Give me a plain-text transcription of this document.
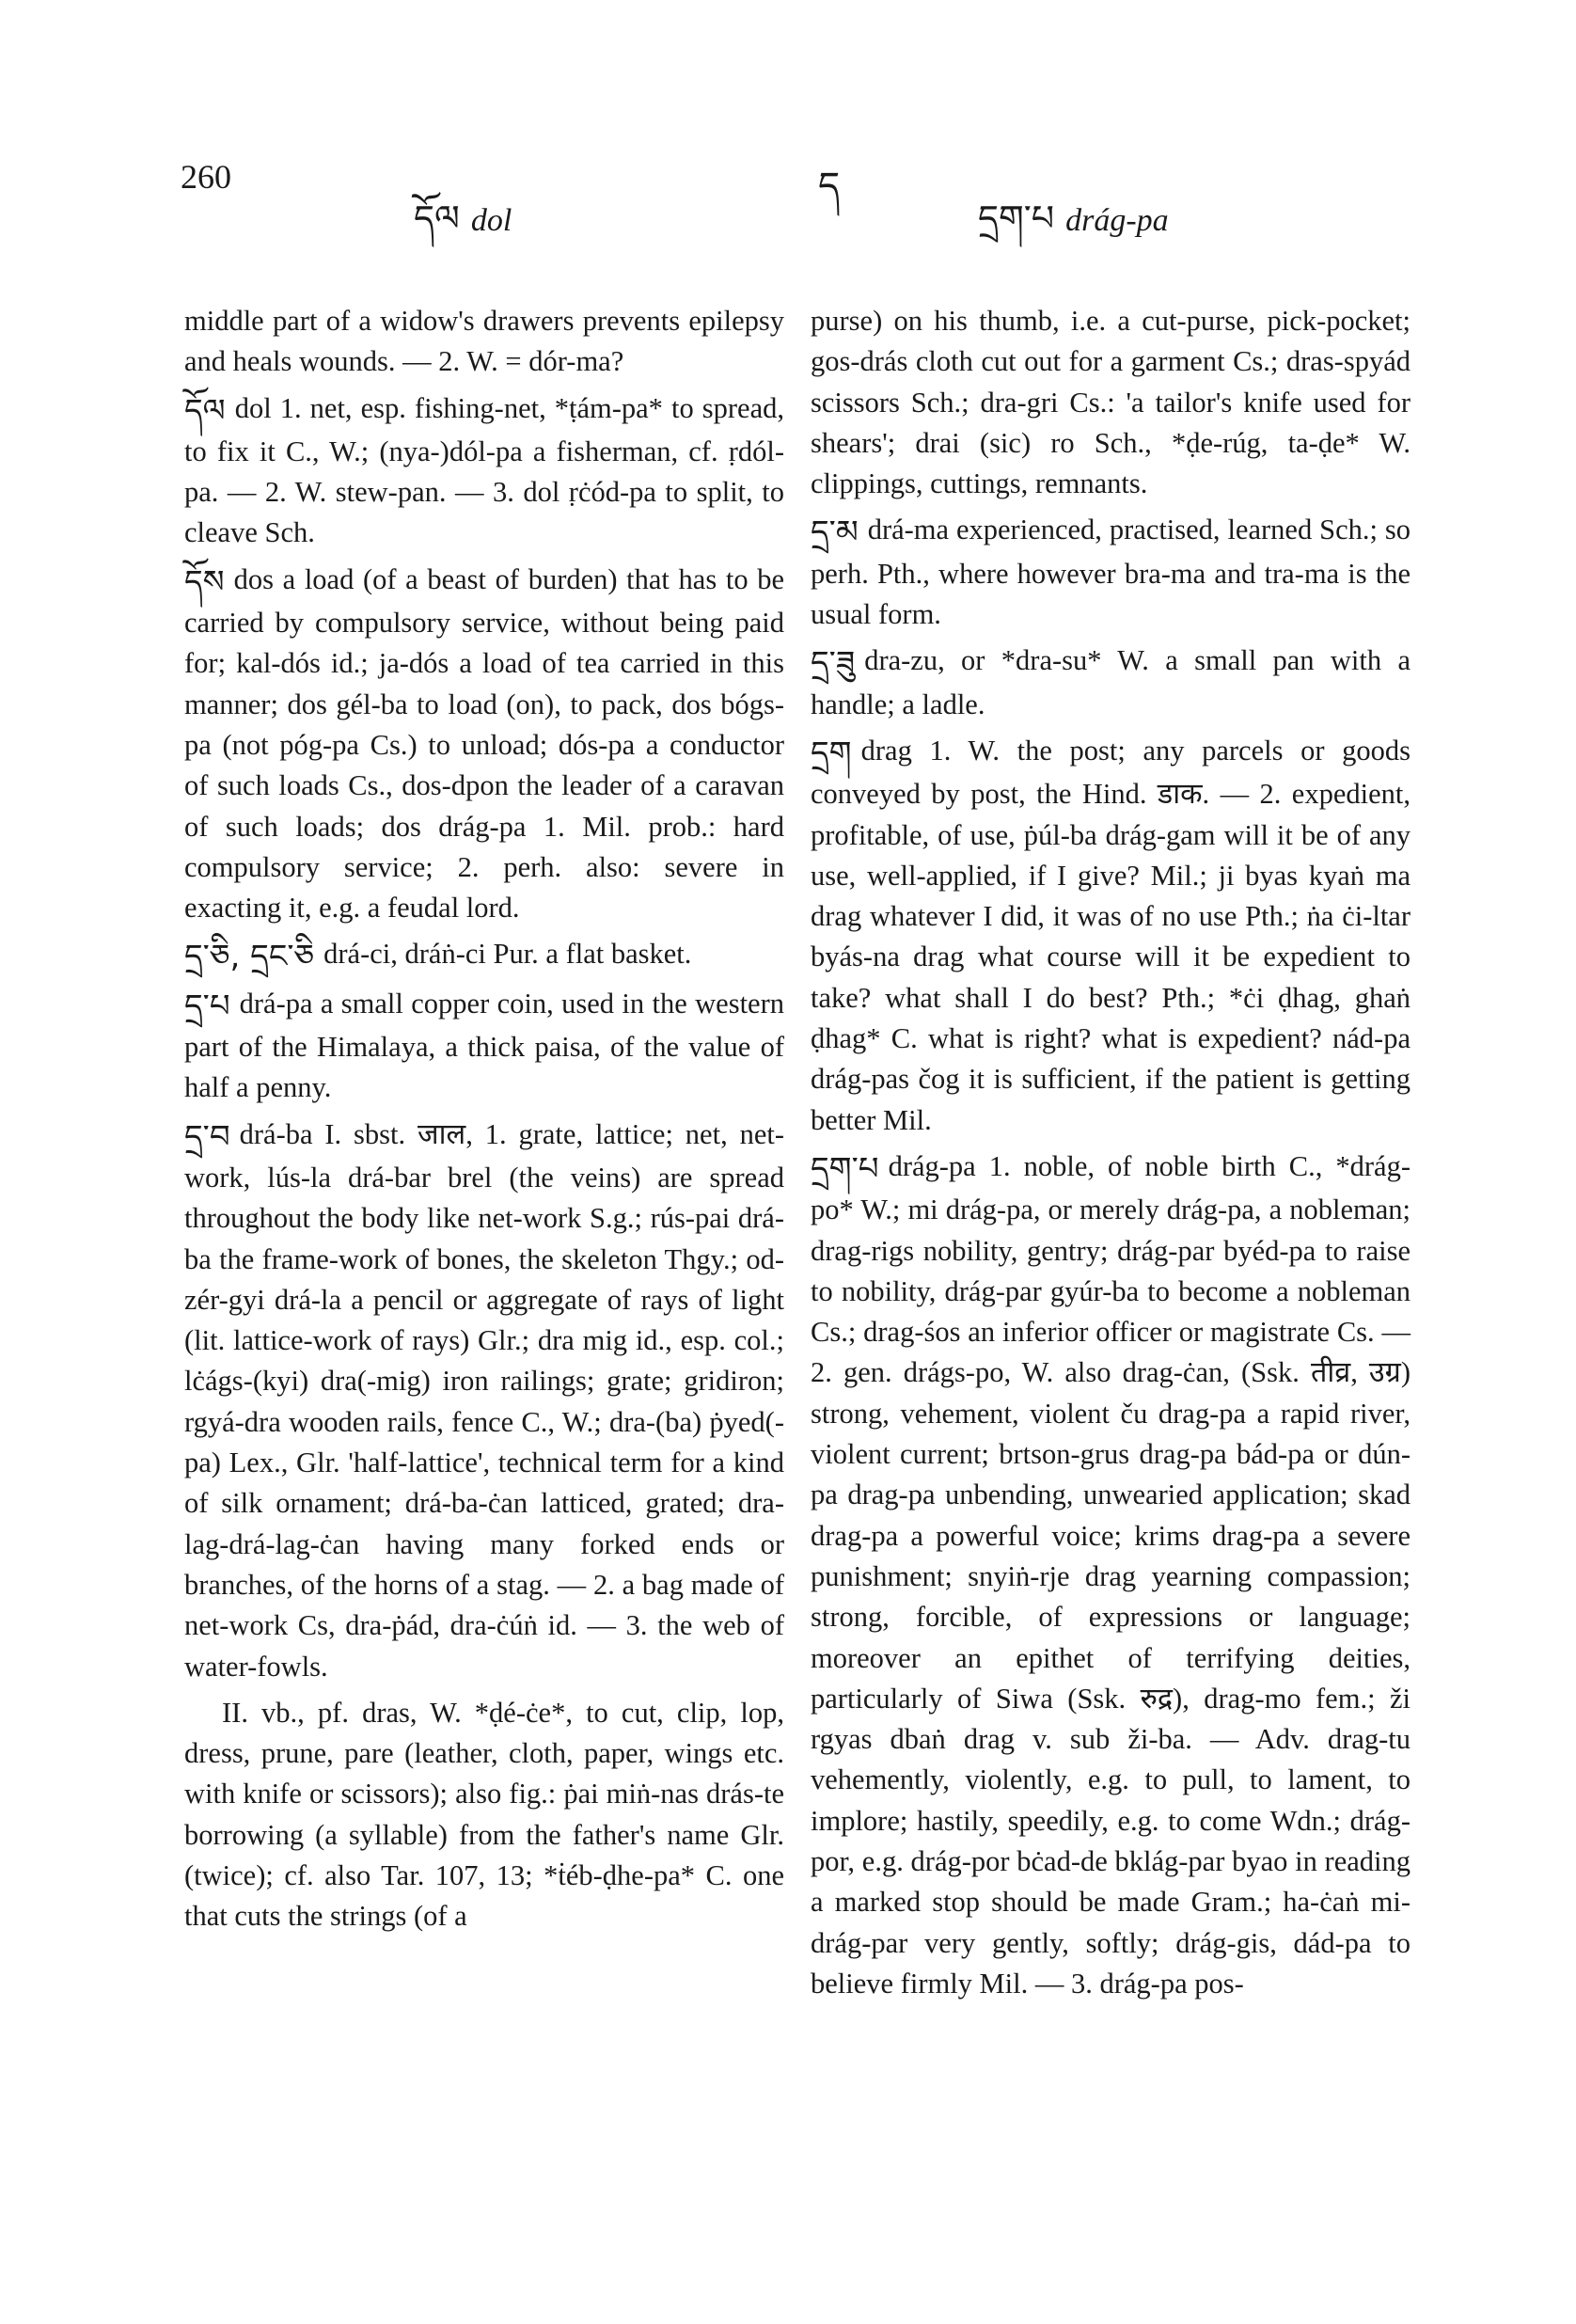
260
དོལ dol
ད
དྲག་པ drág-pa

middle part of a widow's drawers prevents epilepsy and heals wounds. — 2. W. = dór-ma?

དོལ dol 1. net, esp. fishing-net, *ṭám-pa* to spread, to fix it C., W.; (nya-)dól-pa a fisherman, cf. ṛdól-pa. — 2. W. stew-pan. — 3. dol ṛċód-pa to split, to cleave Sch.

དོས dos a load (of a beast of burden) that has to be carried by compulsory service, without being paid for; kal-dós id.; ja-dós a load of tea carried in this manner; dos gél-ba to load (on), to pack, dos bógs-pa (not póg-pa Cs.) to unload; dós-pa a conductor of such loads Cs., dos-dpon the leader of a caravan of such loads; dos drág-pa 1. Mil. prob.: hard compulsory service; 2. perh. also: severe in exacting it, e.g. a feudal lord.

དྲ་ཅི, དྲང་ཅི drá-ci, dráṅ-ci Pur. a flat basket.

དྲ་པ drá-pa a small copper coin, used in the western part of the Himalaya, a thick paisa, of the value of half a penny.

དྲ་བ drá-ba I. sbst. जाल, 1. grate, lattice; net, net-work, lús-la drá-bar brel (the veins) are spread throughout the body like net-work S.g.; rús-pai drá-ba the frame-work of bones, the skeleton Thgy.; od-zér-gyi drá-la a pencil or aggregate of rays of light (lit. lattice-work of rays) Glr.; dra mig id., esp. col.; lċágs-(kyi) dra(-mig) iron railings; grate; gridiron; rgyá-dra wooden rails, fence C., W.; dra-(ba) ṗyed(-pa) Lex., Glr. 'half-lattice', technical term for a kind of silk ornament; drá-ba-ċan latticed, grated; dra-lag-drá-lag-ċan having many forked ends or branches, of the horns of a stag. — 2. a bag made of net-work Cs, dra-ṗád, dra-ċúṅ id. — 3. the web of water-fowls.

II. vb., pf. dras, W. *ḍé-ċe*, to cut, clip, lop, dress, prune, pare (leather, cloth, paper, wings etc. with knife or scissors); also fig.: ṗai miṅ-nas drás-te borrowing (a syllable) from the father's name Glr. (twice); cf. also Tar. 107, 13; *ṫéb-ḍhe-pa* C. one that cuts the strings (of a

purse) on his thumb, i.e. a cut-purse, pick-pocket; gos-drás cloth cut out for a garment Cs.; dras-spyád scissors Sch.; dra-gri Cs.: 'a tailor's knife used for shears'; drai (sic) ro Sch., *ḍe-rúg, ta-ḍe* W. clippings, cuttings, remnants.

དྲ་མ drá-ma experienced, practised, learned Sch.; so perh. Pth., where however bra-ma and tra-ma is the usual form.

དྲ་ཟུ dra-zu, or *dra-su* W. a small pan with a handle; a ladle.

དྲག drag 1. W. the post; any parcels or goods conveyed by post, the Hind. डाक. — 2. expedient, profitable, of use, ṗúl-ba drág-gam will it be of any use, well-applied, if I give? Mil.; ji byas kyaṅ ma drag whatever I did, it was of no use Pth.; ṅa ċi-ltar byás-na drag what course will it be expedient to take? what shall I do best? Pth.; *ċi ḍhag, ghaṅ ḍhag* C. what is right? what is expedient? nád-pa drág-pas čog it is sufficient, if the patient is getting better Mil.

དྲག་པ drág-pa 1. noble, of noble birth C., *drág-po* W.; mi drág-pa, or merely drág-pa, a nobleman; drag-rigs nobility, gentry; drág-par byéd-pa to raise to nobility, drág-par gyúr-ba to become a nobleman Cs.; drag-śos an inferior officer or magistrate Cs. — 2. gen. drágs-po, W. also drag-ċan, (Ssk. तीव्र, उग्र) strong, vehement, violent ču drag-pa a rapid river, violent current; brtson-grus drag-pa bád-pa or dún-pa drag-pa unbending, unwearied application; skad drag-pa a powerful voice; krims drag-pa a severe punishment; snyiṅ-rje drag yearning compassion; strong, forcible, of expressions or language; moreover an epithet of terrifying deities, particularly of Siwa (Ssk. रुद्र), drag-mo fem.; ži rgyas dbaṅ drag v. sub ži-ba. — Adv. drag-tu vehemently, violently, e.g. to pull, to lament, to implore; hastily, speedily, e.g. to come Wdn.; drág-por, e.g. drág-por bċad-de bklág-par byao in reading a marked stop should be made Gram.; ha-ċaṅ mi-drág-par very gently, softly; drág-gis, dád-pa to believe firmly Mil. — 3. drág-pa pos-
